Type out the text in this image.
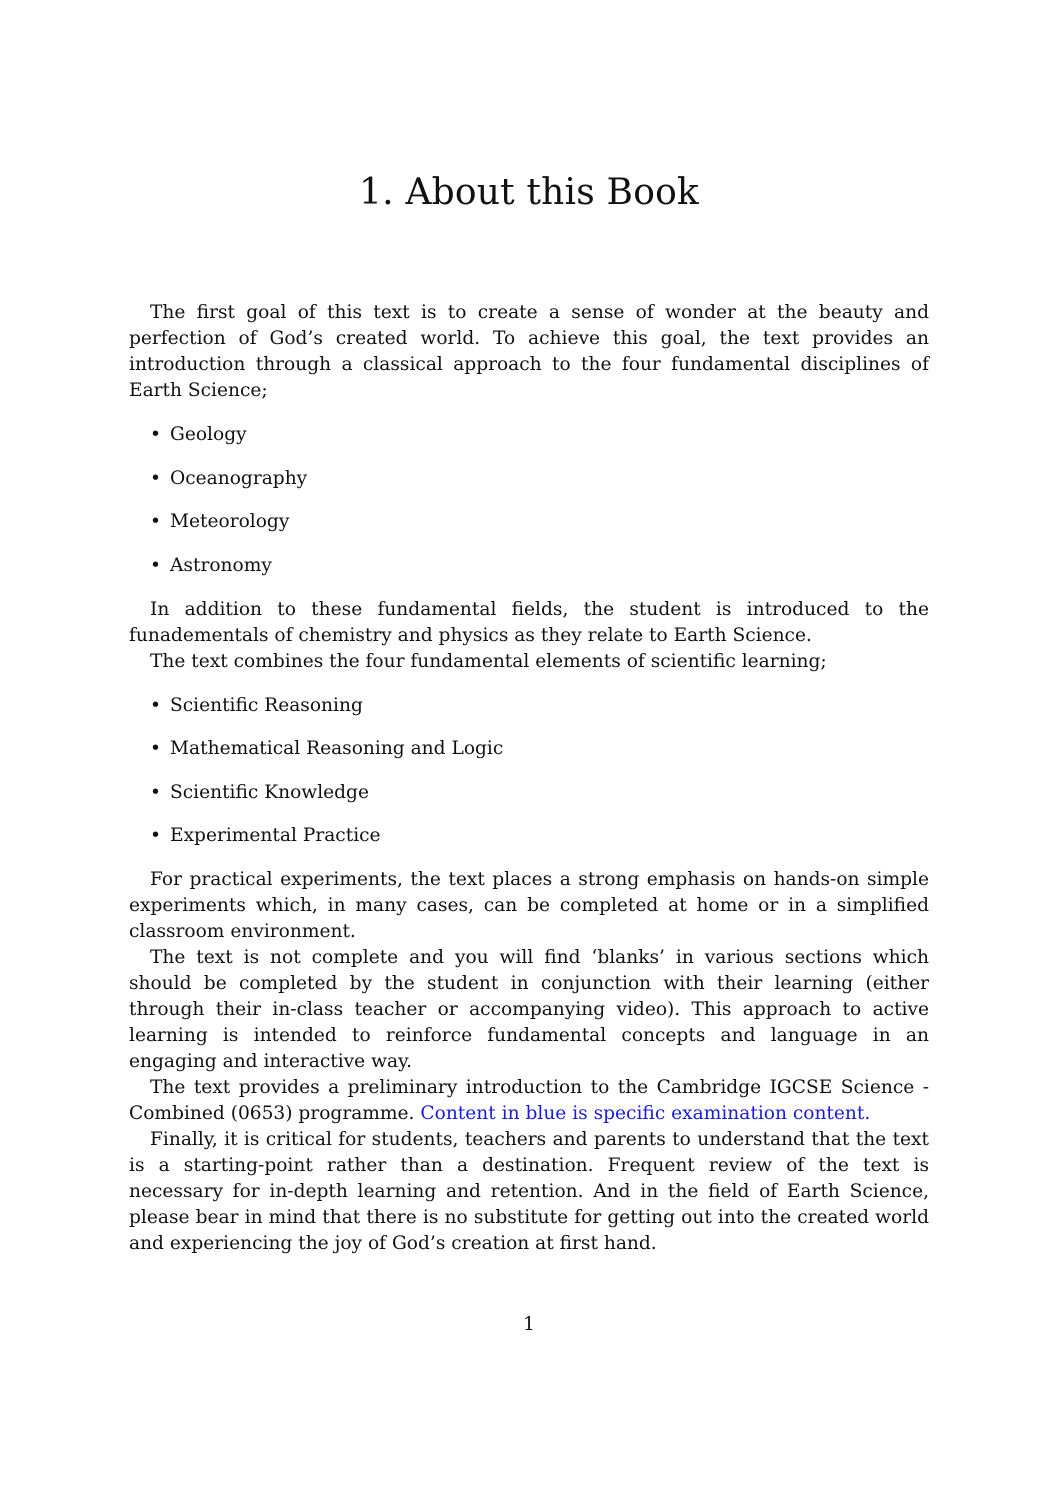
1. About this Book

The first goal of this text is to create a sense of wonder at the beauty and perfection of God’s created world. To achieve this goal, the text provides an introduction through a classical approach to the four fundamental disciplines of Earth Science;

• Geology
• Oceanography
• Meteorology
• Astronomy

In addition to these fundamental fields, the student is introduced to the funadementals of chemistry and physics as they relate to Earth Science.

The text combines the four fundamental elements of scientific learning;

• Scientific Reasoning
• Mathematical Reasoning and Logic
• Scientific Knowledge
• Experimental Practice

For practical experiments, the text places a strong emphasis on hands-on simple experiments which, in many cases, can be completed at home or in a simplified classroom environment.

The text is not complete and you will find ‘blanks’ in various sections which should be completed by the student in conjunction with their learning (either through their in-class teacher or accompanying video). This approach to active learning is intended to reinforce fundamental concepts and language in an engaging and interactive way.

The text provides a preliminary introduction to the Cambridge IGCSE Science - Combined (0653) programme. Content in blue is specific examination content.

Finally, it is critical for students, teachers and parents to understand that the text is a starting-point rather than a destination. Frequent review of the text is necessary for in-depth learning and retention. And in the field of Earth Science, please bear in mind that there is no substitute for getting out into the created world and experiencing the joy of God’s creation at first hand.

1
